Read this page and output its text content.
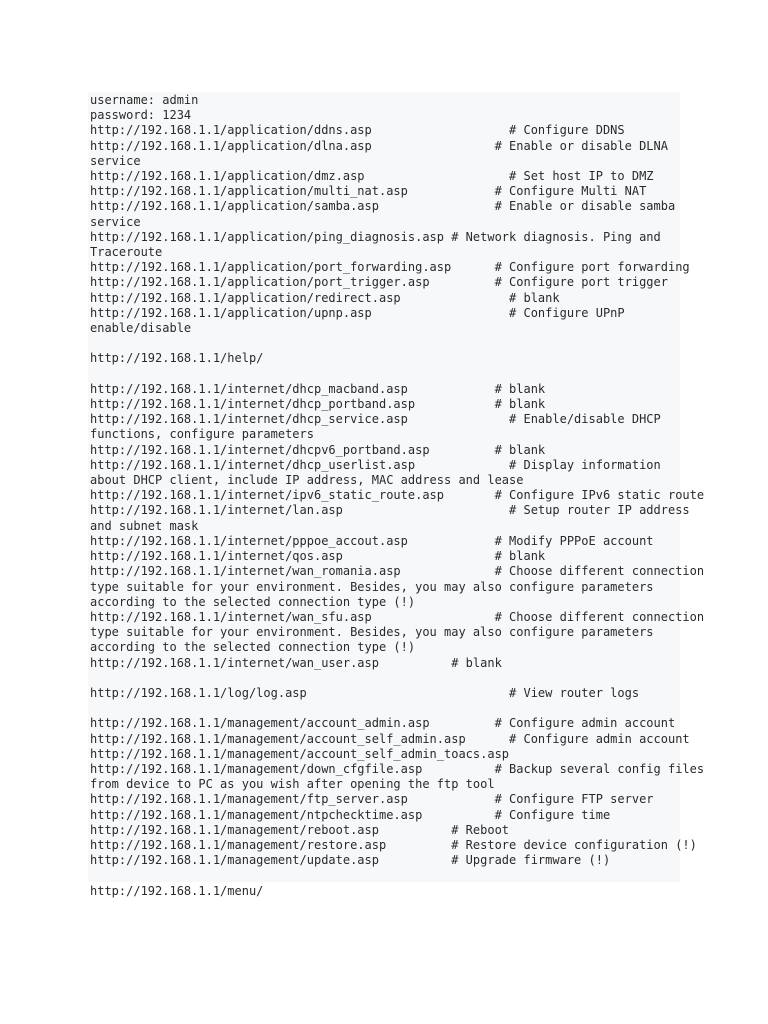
username: admin
password: 1234
http://192.168.1.1/application/ddns.asp                   # Configure DDNS
http://192.168.1.1/application/dlna.asp                 # Enable or disable DLNA
service
http://192.168.1.1/application/dmz.asp                    # Set host IP to DMZ
http://192.168.1.1/application/multi_nat.asp            # Configure Multi NAT
http://192.168.1.1/application/samba.asp                # Enable or disable samba
service
http://192.168.1.1/application/ping_diagnosis.asp # Network diagnosis. Ping and
Traceroute
http://192.168.1.1/application/port_forwarding.asp      # Configure port forwarding
http://192.168.1.1/application/port_trigger.asp         # Configure port trigger
http://192.168.1.1/application/redirect.asp               # blank
http://192.168.1.1/application/upnp.asp                   # Configure UPnP
enable/disable

http://192.168.1.1/help/

http://192.168.1.1/internet/dhcp_macband.asp            # blank
http://192.168.1.1/internet/dhcp_portband.asp           # blank
http://192.168.1.1/internet/dhcp_service.asp              # Enable/disable DHCP
functions, configure parameters
http://192.168.1.1/internet/dhcpv6_portband.asp         # blank
http://192.168.1.1/internet/dhcp_userlist.asp             # Display information
about DHCP client, include IP address, MAC address and lease
http://192.168.1.1/internet/ipv6_static_route.asp       # Configure IPv6 static route
http://192.168.1.1/internet/lan.asp                       # Setup router IP address
and subnet mask
http://192.168.1.1/internet/pppoe_accout.asp            # Modify PPPoE account
http://192.168.1.1/internet/qos.asp                     # blank
http://192.168.1.1/internet/wan_romania.asp             # Choose different connection
type suitable for your environment. Besides, you may also configure parameters
according to the selected connection type (!)
http://192.168.1.1/internet/wan_sfu.asp                 # Choose different connection
type suitable for your environment. Besides, you may also configure parameters
according to the selected connection type (!)
http://192.168.1.1/internet/wan_user.asp          # blank

http://192.168.1.1/log/log.asp                            # View router logs

http://192.168.1.1/management/account_admin.asp         # Configure admin account
http://192.168.1.1/management/account_self_admin.asp      # Configure admin account
http://192.168.1.1/management/account_self_admin_toacs.asp
http://192.168.1.1/management/down_cfgfile.asp          # Backup several config files
from device to PC as you wish after opening the ftp tool
http://192.168.1.1/management/ftp_server.asp            # Configure FTP server
http://192.168.1.1/management/ntpchecktime.asp          # Configure time
http://192.168.1.1/management/reboot.asp          # Reboot
http://192.168.1.1/management/restore.asp         # Restore device configuration (!)
http://192.168.1.1/management/update.asp          # Upgrade firmware (!)

http://192.168.1.1/menu/
